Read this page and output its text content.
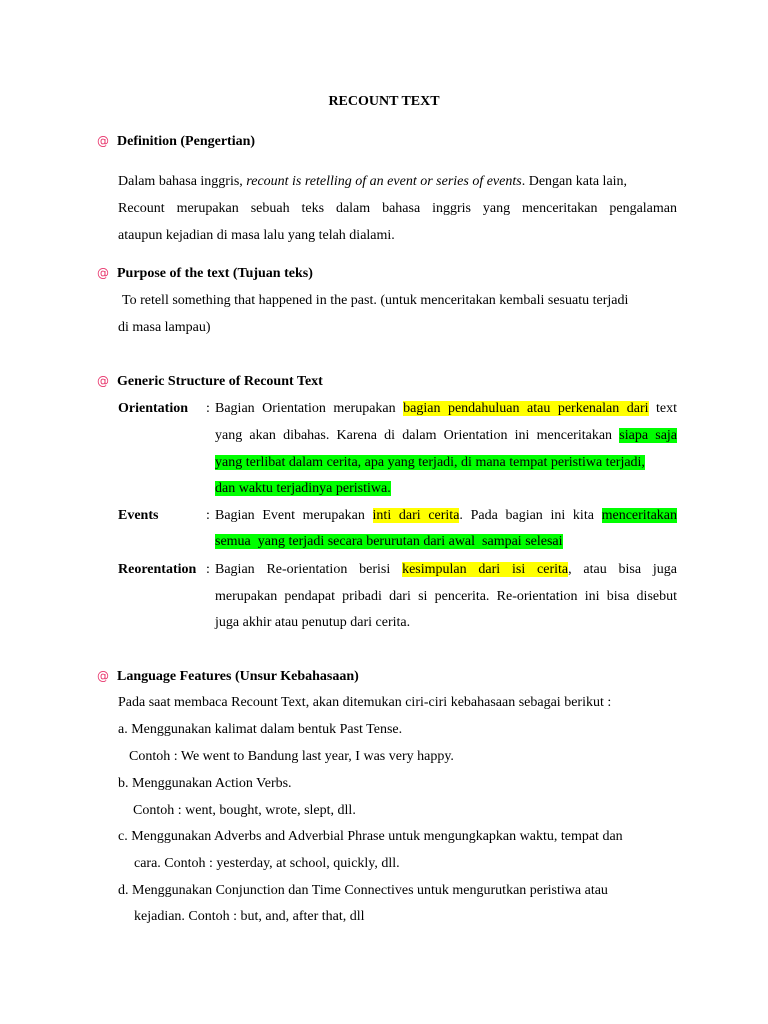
RECOUNT TEXT
@ Definition (Pengertian)
Dalam bahasa inggris, recount is retelling of an event or series of events. Dengan kata lain,
Recount merupakan sebuah teks dalam bahasa inggris yang menceritakan pengalaman
ataupun kejadian di masa lalu yang telah dialami.
@ Purpose of the text (Tujuan teks)
To retell something that happened in the past. (untuk menceritakan kembali sesuatu terjadi
di masa lampau)
@ Generic Structure of Recount Text
Orientation : Bagian Orientation merupakan bagian pendahuluan atau perkenalan dari text
yang akan dibahas. Karena di dalam Orientation ini menceritakan siapa saja
yang terlibat dalam cerita, apa yang terjadi, di mana tempat peristiwa terjadi,
dan waktu terjadinya peristiwa.
Events	: Bagian Event merupakan inti dari cerita. Pada bagian ini kita menceritakan
semua  yang terjadi secara berurutan dari awal  sampai selesai
Reorentation : Bagian Re-orientation berisi kesimpulan dari isi cerita, atau bisa juga
merupakan pendapat pribadi dari si pencerita. Re-orientation ini bisa disebut
juga akhir atau penutup dari cerita.
@ Language Features (Unsur Kebahasaan)
Pada saat membaca Recount Text, akan ditemukan ciri-ciri kebahasaan sebagai berikut :
a. Menggunakan kalimat dalam bentuk Past Tense.
Contoh : We went to Bandung last year, I was very happy.
b. Menggunakan Action Verbs.
Contoh : went, bought, wrote, slept, dll.
c. Menggunakan Adverbs and Adverbial Phrase untuk mengungkapkan waktu, tempat dan
cara. Contoh : yesterday, at school, quickly, dll.
d. Menggunakan Conjunction dan Time Connectives untuk mengurutkan peristiwa atau
kejadian. Contoh : but, and, after that, dll
